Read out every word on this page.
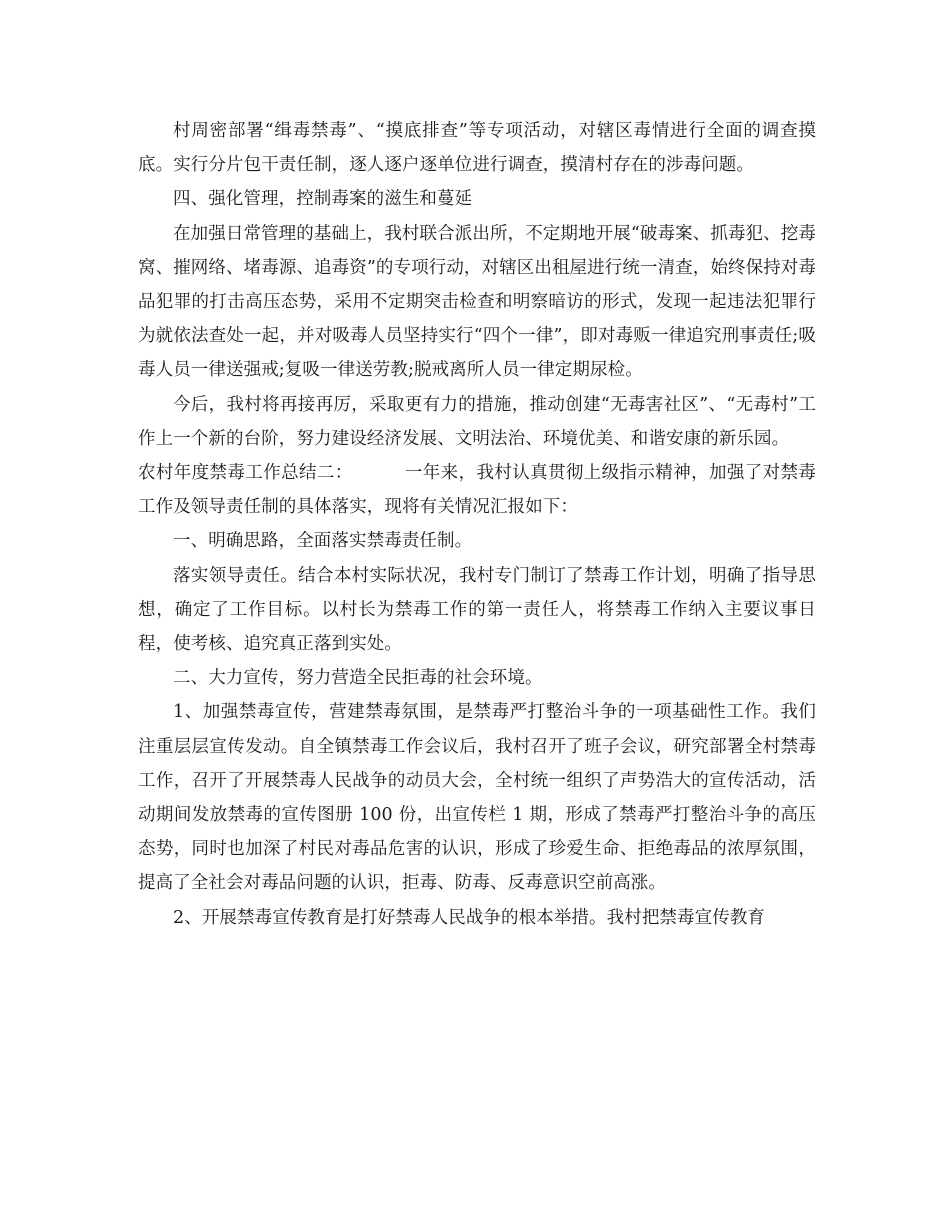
村周密部署“缉毒禁毒”、“摸底排查”等专项活动，对辖区毒情进行全面的调查摸底。实行分片包干责任制，逐人逐户逐单位进行调查，摸清村存在的涉毒问题。

四、强化管理，控制毒案的滋生和蔓延

在加强日常管理的基础上，我村联合派出所，不定期地开展“破毒案、抓毒犯、挖毒窝、摧网络、堵毒源、追毒资”的专项行动，对辖区出租屋进行统一清查，始终保持对毒品犯罪的打击高压态势，采用不定期突击检查和明察暗访的形式，发现一起违法犯罪行为就依法查处一起，并对吸毒人员坚持实行“四个一律”，即对毒贩一律追究刑事责任;吸毒人员一律送强戒;复吸一律送劳教;脱戒离所人员一律定期尿检。

今后，我村将再接再厉，采取更有力的措施，推动创建“无毒害社区”、“无毒村”工作上一个新的台阶，努力建设经济发展、文明法治、环境优美、和谐安康的新乐园。

农村年度禁毒工作总结二：	一年来，我村认真贯彻上级指示精神，加强了对禁毒工作及领导责任制的具体落实，现将有关情况汇报如下：

一、明确思路，全面落实禁毒责任制。

落实领导责任。结合本村实际状况，我村专门制订了禁毒工作计划，明确了指导思想，确定了工作目标。以村长为禁毒工作的第一责任人，将禁毒工作纳入主要议事日程，使考核、追究真正落到实处。

二、大力宣传，努力营造全民拒毒的社会环境。

1、加强禁毒宣传，营建禁毒氛围，是禁毒严打整治斗争的一项基础性工作。我们注重层层宣传发动。自全镇禁毒工作会议后，我村召开了班子会议，研究部署全村禁毒工作，召开了开展禁毒人民战争的动员大会，全村统一组织了声势浩大的宣传活动，活动期间发放禁毒的宣传图册 100 份，出宣传栏 1 期，形成了禁毒严打整治斗争的高压态势，同时也加深了村民对毒品危害的认识，形成了珍爱生命、拒绝毒品的浓厚氛围，提高了全社会对毒品问题的认识，拒毒、防毒、反毒意识空前高涨。

2、开展禁毒宣传教育是打好禁毒人民战争的根本举措。我村把禁毒宣传教育
